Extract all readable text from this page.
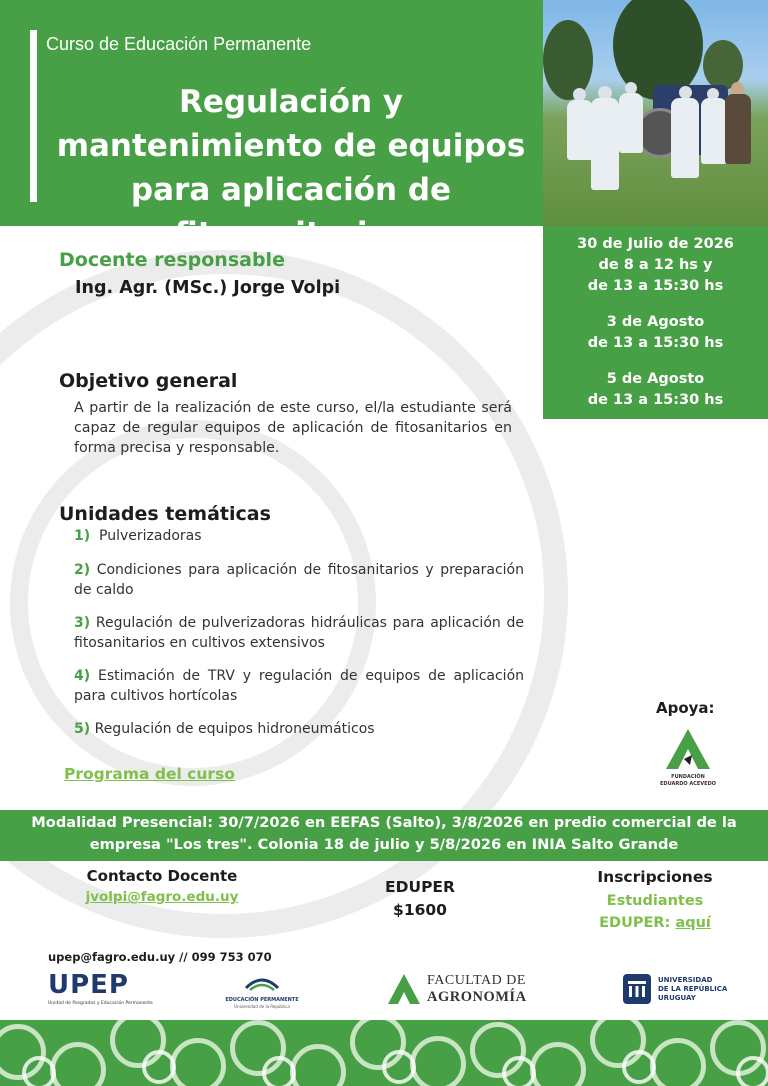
Curso de Educación Permanente
Regulación y mantenimiento de equipos para aplicación de fitosanitarios	30 de Julio de 2026
de 8 a 12 hs y
de 13 a 15:30 hs
3 de Agosto
de 13 a 15:30 hs
5 de Agosto
de 13 a 15:30 hs
Docente responsable
Ing. Agr. (MSc.) Jorge Volpi
Objetivo general
A partir de la realización de este curso, el/la estudiante será capaz de regular equipos de aplicación de fitosanitarios en forma precisa y responsable.
Unidades temáticas
1) Pulverizadoras
2) Condiciones para aplicación de fitosanitarios y preparación de caldo
3) Regulación de pulverizadoras hidráulicas para aplicación de fitosanitarios en cultivos extensivos
4) Estimación de TRV y regulación de equipos de aplicación para cultivos hortícolas
5) Regulación de equipos hidroneumáticos
Programa del curso
Apoya:
FUNDACIÓN
EDUARDO ACEVEDO
Modalidad Presencial: 30/7/2026 en EEFAS (Salto), 3/8/2026 en predio comercial de la empresa "Los tres". Colonia 18 de julio y 5/8/2026 en INIA Salto Grande
Contacto Docente
jvolpi@fagro.edu.uy
EDUPER
$1600
Inscripciones
Estudiantes
EDUPER: aquí
upep@fagro.edu.uy // 099 753 070
UPEP
Unidad de Posgrados y Educación Permanente
EDUCACIÓN PERMANENTE
Universidad de la República
FACULTAD DE
AGRONOMÍA
UNIVERSIDAD
DE LA REPÚBLICA
URUGUAY
